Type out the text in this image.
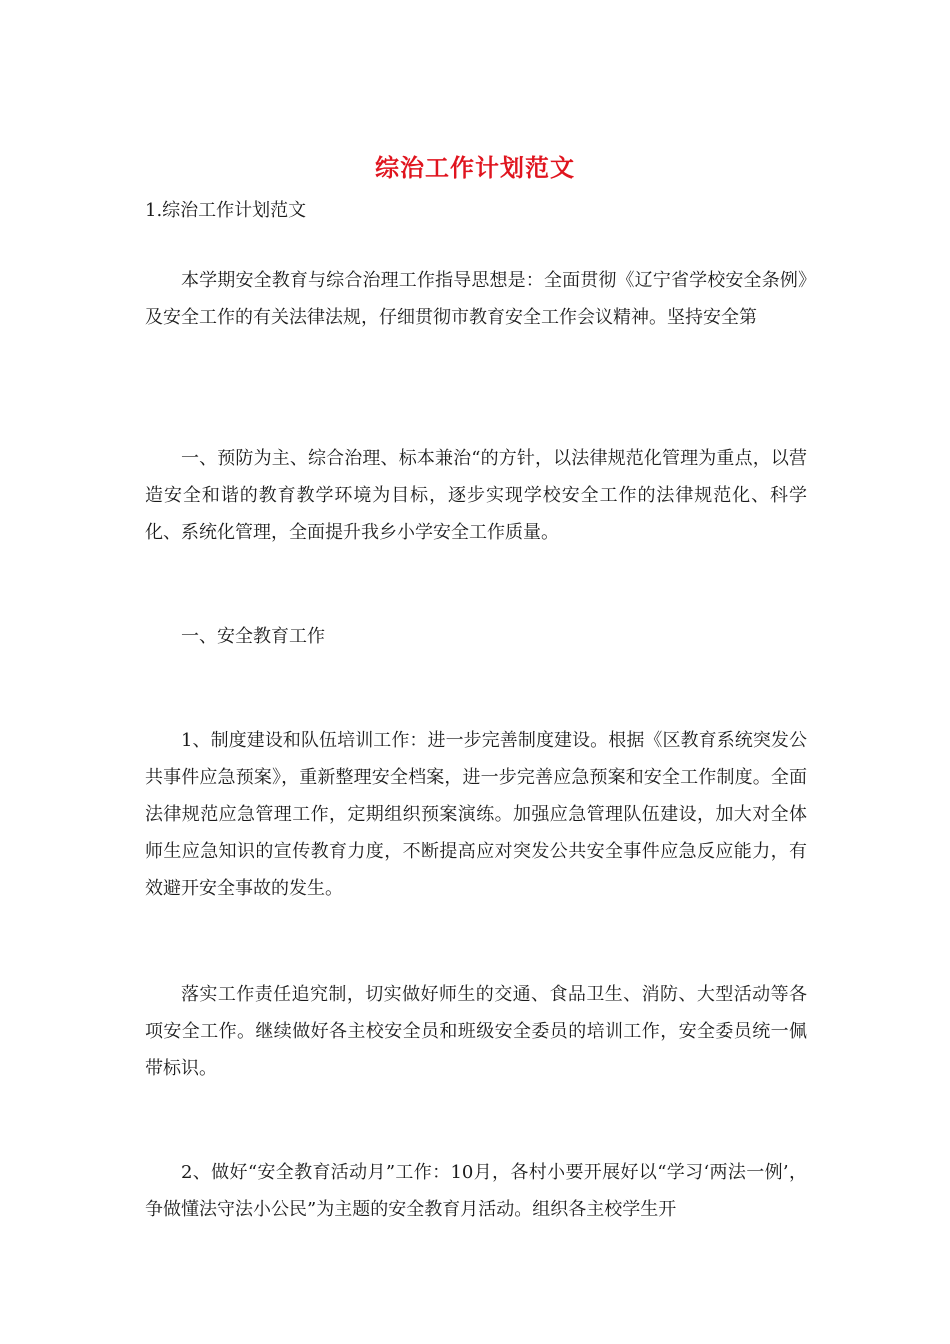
综治工作计划范文

1.综治工作计划范文

本学期安全教育与综合治理工作指导思想是：全面贯彻《辽宁省学校安全条例》及安全工作的有关法律法规，仔细贯彻市教育安全工作会议精神。坚持安全第

一、预防为主、综合治理、标本兼治“的方针，以法律规范化管理为重点，以营造安全和谐的教育教学环境为目标，逐步实现学校安全工作的法律规范化、科学化、系统化管理，全面提升我乡小学安全工作质量。

一、安全教育工作

1、制度建设和队伍培训工作：进一步完善制度建设。根据《区教育系统突发公共事件应急预案》，重新整理安全档案，进一步完善应急预案和安全工作制度。全面法律规范应急管理工作，定期组织预案演练。加强应急管理队伍建设，加大对全体师生应急知识的宣传教育力度，不断提高应对突发公共安全事件应急反应能力，有效避开安全事故的发生。

落实工作责任追究制，切实做好师生的交通、食品卫生、消防、大型活动等各项安全工作。继续做好各主校安全员和班级安全委员的培训工作，安全委员统一佩带标识。

2、做好“安全教育活动月”工作：10月，各村小要开展好以“学习‘两法一例’，争做懂法守法小公民”为主题的安全教育月活动。组织各主校学生开
